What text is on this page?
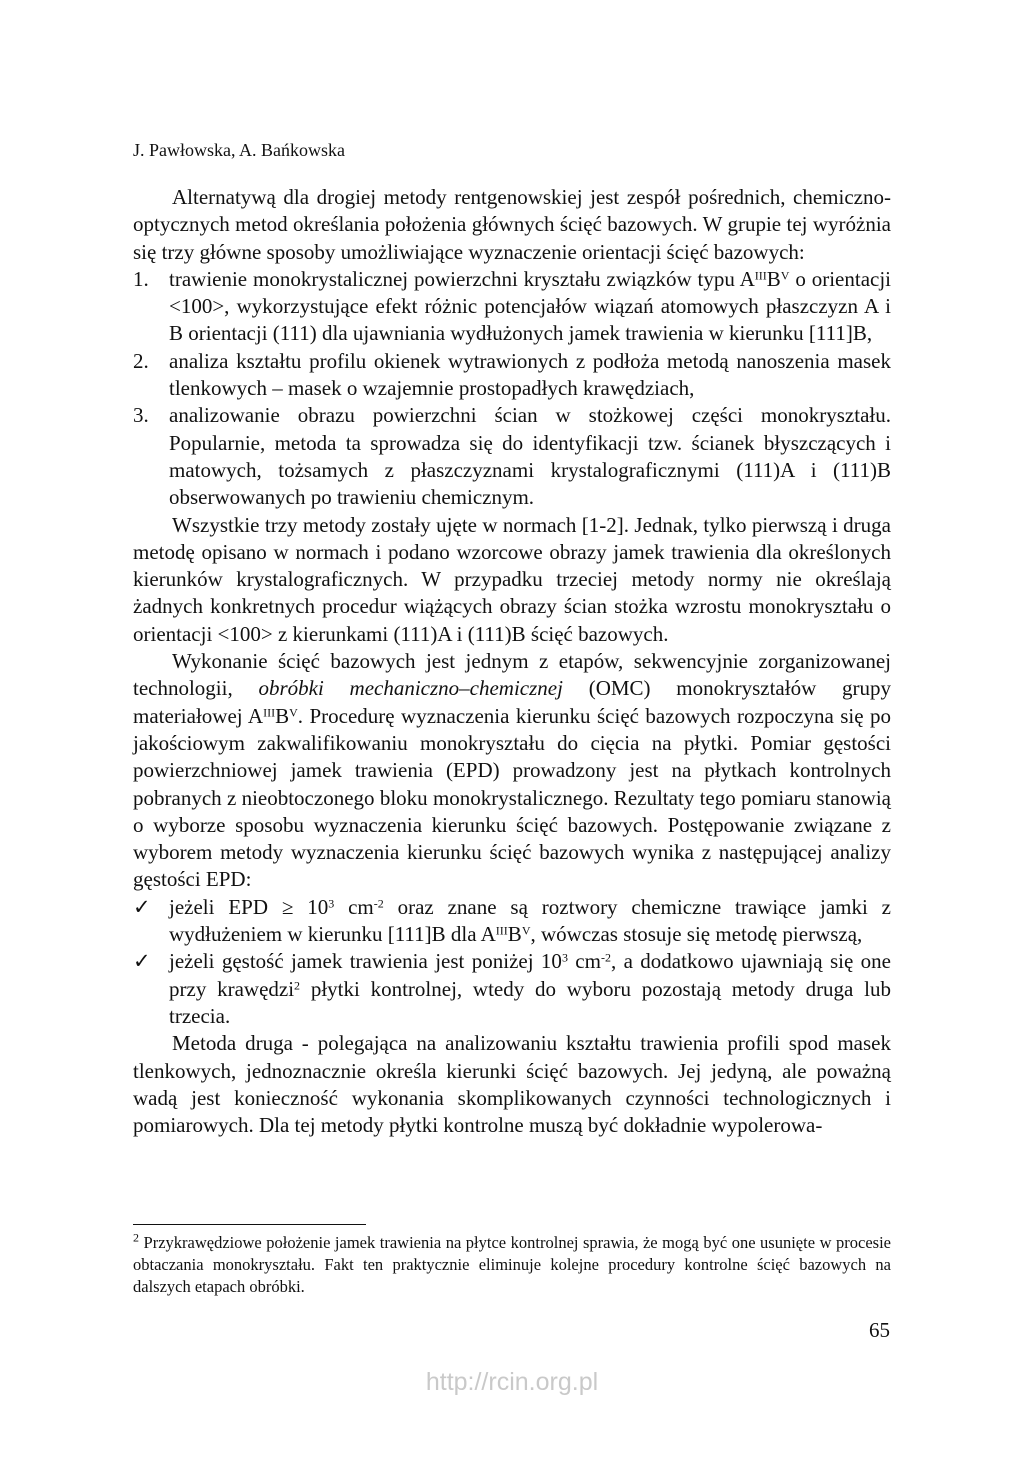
J. Pawłowska, A. Bańkowska

Alternatywą dla drogiej metody rentgenowskiej jest zespół pośrednich, chemiczno-optycznych metod określania położenia głównych ścięć bazowych. W grupie tej wyróżnia się trzy główne sposoby umożliwiające wyznaczenie orientacji ścięć bazowych:

1. trawienie monokrystalicznej powierzchni kryształu związków typu $A^{III}B^V$ o orientacji <100>, wykorzystujące efekt różnic potencjałów wiązań atomowych płaszczyzn A i B orientacji (111) dla ujawniania wydłużonych jamek trawienia w kierunku [111]B,
2. analiza kształtu profilu okienek wytrawionych z podłoża metodą nanoszenia masek tlenkowych – masek o wzajemnie prostopadłych krawędziach,
3. analizowanie obrazu powierzchni ścian w stożkowej części monokryształu. Popularnie, metoda ta sprowadza się do identyfikacji tzw. ścianek błyszczących i matowych, tożsamych z płaszczyznami krystalograficznymi (111)A i (111)B obserwowanych po trawieniu chemicznym.

Wszystkie trzy metody zostały ujęte w normach [1-2]. Jednak, tylko pierwszą i druga metodę opisano w normach i podano wzorcowe obrazy jamek trawienia dla określonych kierunków krystalograficznych. W przypadku trzeciej metody normy nie określają żadnych konkretnych procedur wiążących obrazy ścian stożka wzrostu monokryształu o orientacji <100> z kierunkami (111)A i (111)B ścięć bazowych.

Wykonanie ścięć bazowych jest jednym z etapów, sekwencyjnie zorganizowanej technologii, obróbki mechaniczno–chemicznej (OMC) monokryształów grupy materiałowej $A^{III}B^V$. Procedurę wyznaczenia kierunku ścięć bazowych rozpoczyna się po jakościowym zakwalifikowaniu monokryształu do cięcia na płytki. Pomiar gęstości powierzchniowej jamek trawienia (EPD) prowadzony jest na płytkach kontrolnych pobranych z nieobtoczonego bloku monokrystalicznego. Rezultaty tego pomiaru stanowią o wyborze sposobu wyznaczenia kierunku ścięć bazowych. Postępowanie związane z wyborem metody wyznaczenia kierunku ścięć bazowych wynika z następującej analizy gęstości EPD:

✓ jeżeli EPD ≥ $10^3$ $cm^{-2}$ oraz znane są roztwory chemiczne trawiące jamki z wydłużeniem w kierunku [111]B dla $A^{III}B^V$, wówczas stosuje się metodę pierwszą,
✓ jeżeli gęstość jamek trawienia jest poniżej $10^3$ $cm^{-2}$, a dodatkowo ujawniają się one przy krawędzi$^2$ płytki kontrolnej, wtedy do wyboru pozostają metody druga lub trzecia.

Metoda druga - polegająca na analizowaniu kształtu trawienia profili spod masek tlenkowych, jednoznacznie określa kierunki ścięć bazowych. Jej jedyną, ale poważną wadą jest konieczność wykonania skomplikowanych czynności technologicznych i pomiarowych. Dla tej metody płytki kontrolne muszą być dokładnie wypolerowa-

$^2$ Przykrawędziowe położenie jamek trawienia na płytce kontrolnej sprawia, że mogą być one usunięte w procesie obtaczania monokryształu. Fakt ten praktycznie eliminuje kolejne procedury kontrolne ścięć bazowych na dalszych etapach obróbki.
65
http://rcin.org.pl
